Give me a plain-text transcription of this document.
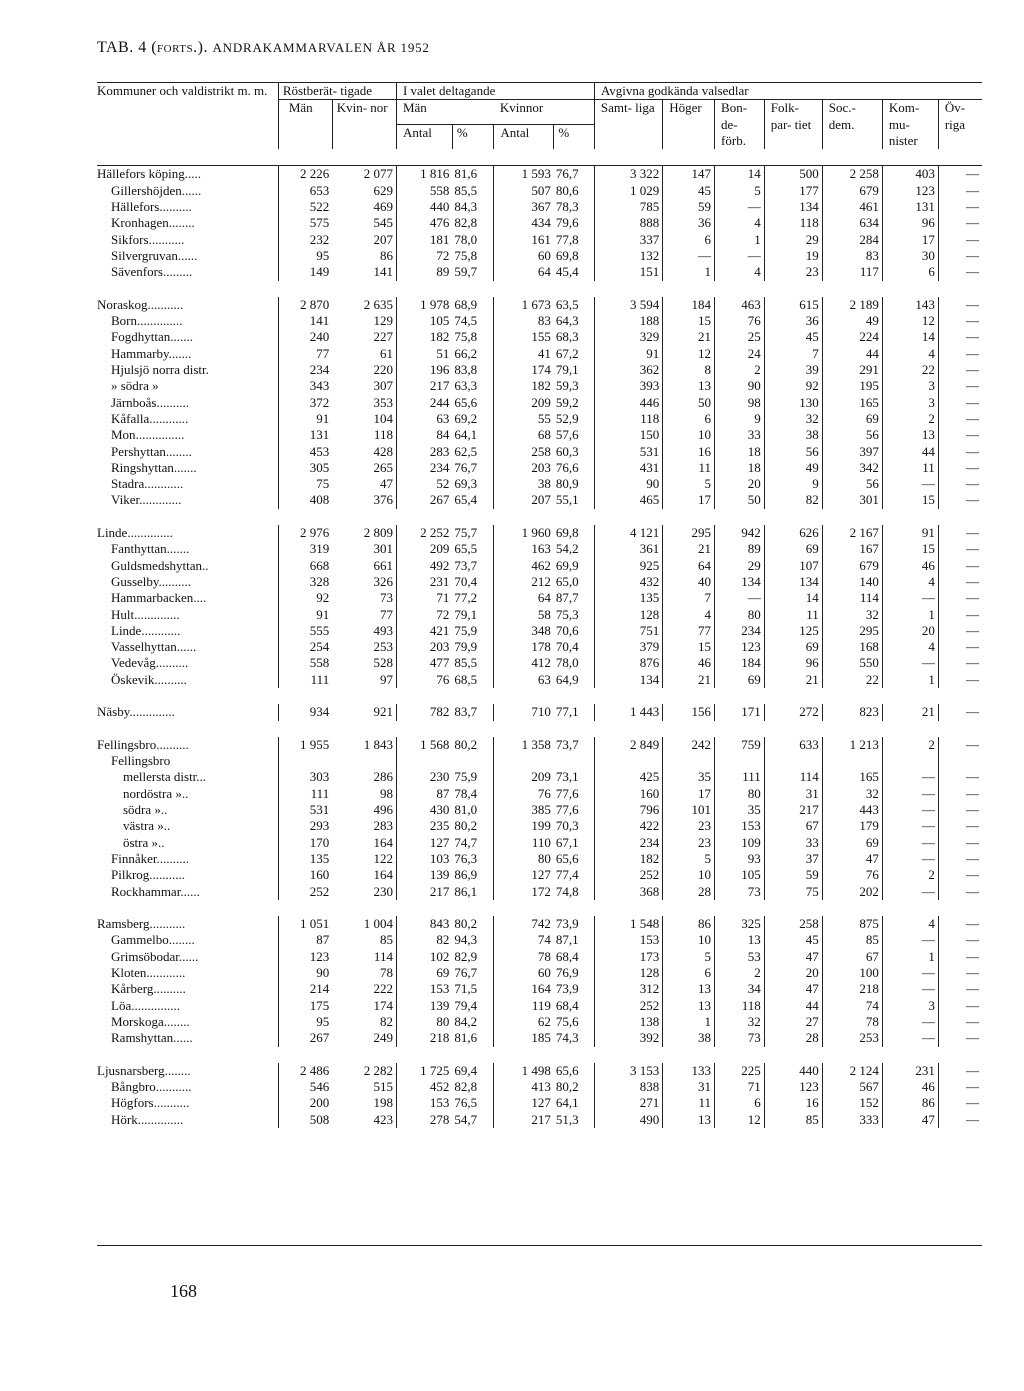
TAB. 4 (forts.). ANDRAKAMMARVALEN ÅR 1952
Kommuner och valdistrikt m. m.	Röstberät- tigade		I valet deltagande				Avgivna godkända valsedlar						
	Män	Kvin- nor	Män		Kvinnor		Samt- liga	Höger	Bon- de- förb.	Folk- par- tiet	Soc.- dem.	Kom- mu- nister	Öv- riga
			Antal	%	Antal	%							

Hällefors köping.....	2 226	2 077	1 816	81,6	1 593	76,7	3 322	147	14	500	2 258	403	—
Gillershöjden......	653	629	558	85,5	507	80,6	1 029	45	5	177	679	123	—
Hällefors..........	522	469	440	84,3	367	78,3	785	59	—	134	461	131	—
Kronhagen........	575	545	476	82,8	434	79,6	888	36	4	118	634	96	—
Sikfors...........	232	207	181	78,0	161	77,8	337	6	1	29	284	17	—
Silvergruvan......	95	86	72	75,8	60	69,8	132	—	—	19	83	30	—
Sävenfors.........	149	141	89	59,7	64	45,4	151	1	4	23	117	6	—

Noraskog...........	2 870	2 635	1 978	68,9	1 673	63,5	3 594	184	463	615	2 189	143	—
Born..............	141	129	105	74,5	83	64,3	188	15	76	36	49	12	—
Fogdhyttan.......	240	227	182	75,8	155	68,3	329	21	25	45	224	14	—
Hammarby.......	77	61	51	66,2	41	67,2	91	12	24	7	44	4	—
Hjulsjö norra distr.	234	220	196	83,8	174	79,1	362	8	2	39	291	22	—
» södra »	343	307	217	63,3	182	59,3	393	13	90	92	195	3	—
Järnboås..........	372	353	244	65,6	209	59,2	446	50	98	130	165	3	—
Kåfalla............	91	104	63	69,2	55	52,9	118	6	9	32	69	2	—
Mon...............	131	118	84	64,1	68	57,6	150	10	33	38	56	13	—
Pershyttan........	453	428	283	62,5	258	60,3	531	16	18	56	397	44	—
Ringshyttan.......	305	265	234	76,7	203	76,6	431	11	18	49	342	11	—
Stadra............	75	47	52	69,3	38	80,9	90	5	20	9	56	—	—
Viker.............	408	376	267	65,4	207	55,1	465	17	50	82	301	15	—

Linde..............	2 976	2 809	2 252	75,7	1 960	69,8	4 121	295	942	626	2 167	91	—
Fanthyttan.......	319	301	209	65,5	163	54,2	361	21	89	69	167	15	—
Guldsmedshyttan..	668	661	492	73,7	462	69,9	925	64	29	107	679	46	—
Gusselby..........	328	326	231	70,4	212	65,0	432	40	134	134	140	4	—
Hammarbacken....	92	73	71	77,2	64	87,7	135	7	—	14	114	—	—
Hult..............	91	77	72	79,1	58	75,3	128	4	80	11	32	1	—
Linde............	555	493	421	75,9	348	70,6	751	77	234	125	295	20	—
Vasselhyttan......	254	253	203	79,9	178	70,4	379	15	123	69	168	4	—
Vedevåg..........	558	528	477	85,5	412	78,0	876	46	184	96	550	—	—
Öskevik..........	111	97	76	68,5	63	64,9	134	21	69	21	22	1	—

Näsby..............	934	921	782	83,7	710	77,1	1 443	156	171	272	823	21	—

Fellingsbro..........	1 955	1 843	1 568	80,2	1 358	73,7	2 849	242	759	633	1 213	2	—
Fellingsbro													
mellersta distr...	303	286	230	75,9	209	73,1	425	35	111	114	165	—	—
nordöstra »..	111	98	87	78,4	76	77,6	160	17	80	31	32	—	—
södra »..	531	496	430	81,0	385	77,6	796	101	35	217	443	—	—
västra »..	293	283	235	80,2	199	70,3	422	23	153	67	179	—	—
östra »..	170	164	127	74,7	110	67,1	234	23	109	33	69	—	—
Finnåker..........	135	122	103	76,3	80	65,6	182	5	93	37	47	—	—
Pilkrog...........	160	164	139	86,9	127	77,4	252	10	105	59	76	2	—
Rockhammar......	252	230	217	86,1	172	74,8	368	28	73	75	202	—	—

Ramsberg...........	1 051	1 004	843	80,2	742	73,9	1 548	86	325	258	875	4	—
Gammelbo........	87	85	82	94,3	74	87,1	153	10	13	45	85	—	—
Grimsöbodar......	123	114	102	82,9	78	68,4	173	5	53	47	67	1	—
Kloten............	90	78	69	76,7	60	76,9	128	6	2	20	100	—	—
Kårberg..........	214	222	153	71,5	164	73,9	312	13	34	47	218	—	—
Löa...............	175	174	139	79,4	119	68,4	252	13	118	44	74	3	—
Morskoga........	95	82	80	84,2	62	75,6	138	1	32	27	78	—	—
Ramshyttan......	267	249	218	81,6	185	74,3	392	38	73	28	253	—	—

Ljusnarsberg........	2 486	2 282	1 725	69,4	1 498	65,6	3 153	133	225	440	2 124	231	—
Bångbro...........	546	515	452	82,8	413	80,2	838	31	71	123	567	46	—
Högfors...........	200	198	153	76,5	127	64,1	271	11	6	16	152	86	—
Hörk..............	508	423	278	54,7	217	51,3	490	13	12	85	333	47	—
168
